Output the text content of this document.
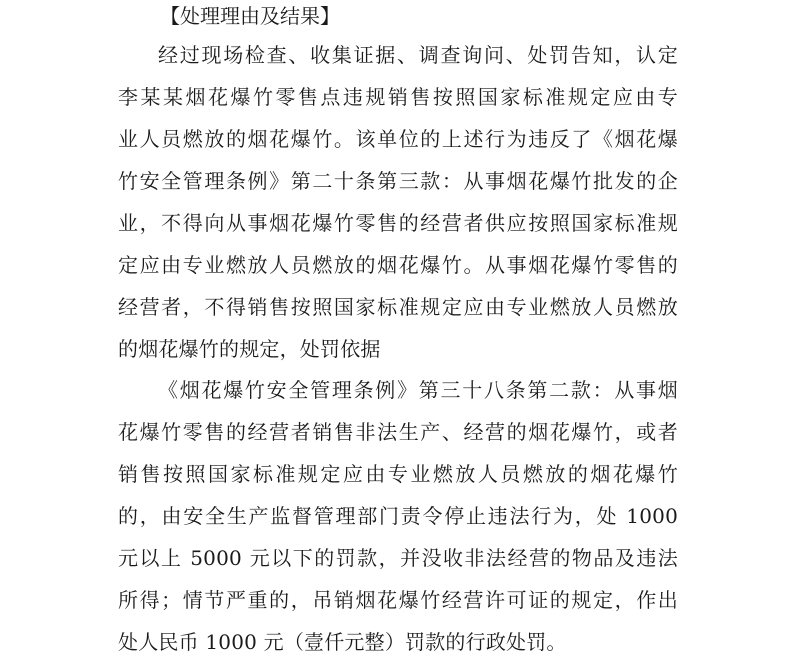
【处理理由及结果】
经过现场检查、收集证据、调查询问、处罚告知，认定
李某某烟花爆竹零售点违规销售按照国家标准规定应由专
业人员燃放的烟花爆竹。该单位的上述行为违反了《烟花爆
竹安全管理条例》第二十条第三款：从事烟花爆竹批发的企
业，不得向从事烟花爆竹零售的经营者供应按照国家标准规
定应由专业燃放人员燃放的烟花爆竹。从事烟花爆竹零售的
经营者，不得销售按照国家标准规定应由专业燃放人员燃放
的烟花爆竹的规定，处罚依据
《烟花爆竹安全管理条例》第三十八条第二款：从事烟
花爆竹零售的经营者销售非法生产、经营的烟花爆竹，或者
销售按照国家标准规定应由专业燃放人员燃放的烟花爆竹
的，由安全生产监督管理部门责令停止违法行为，处 1000
元以上 5000 元以下的罚款，并没收非法经营的物品及违法
所得；情节严重的，吊销烟花爆竹经营许可证的规定，作出
处人民币 1000 元（壹仟元整）罚款的行政处罚。
